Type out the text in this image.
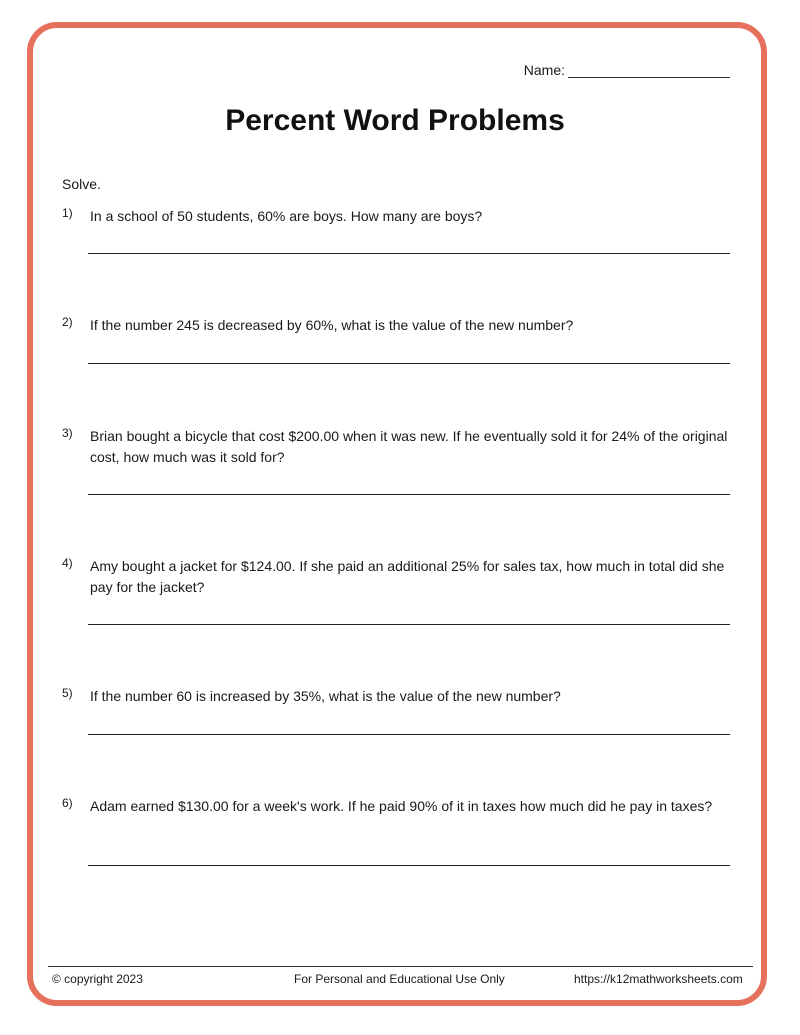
Name:
Percent Word Problems
Solve.
1) In a school of 50 students, 60% are boys. How many are boys?
2) If the number 245 is decreased by 60%, what is the value of the new number?
3) Brian bought a bicycle that cost $200.00 when it was new. If he eventually sold it for 24% of the original cost, how much was it sold for?
4) Amy bought a jacket for $124.00. If she paid an additional 25% for sales tax, how much in total did she pay for the jacket?
5) If the number 60 is increased by 35%, what is the value of the new number?
6) Adam earned $130.00 for a week's work. If he paid 90% of it in taxes how much did he pay in taxes?
© copyright 2023	For Personal and Educational Use Only	https://k12mathworksheets.com
